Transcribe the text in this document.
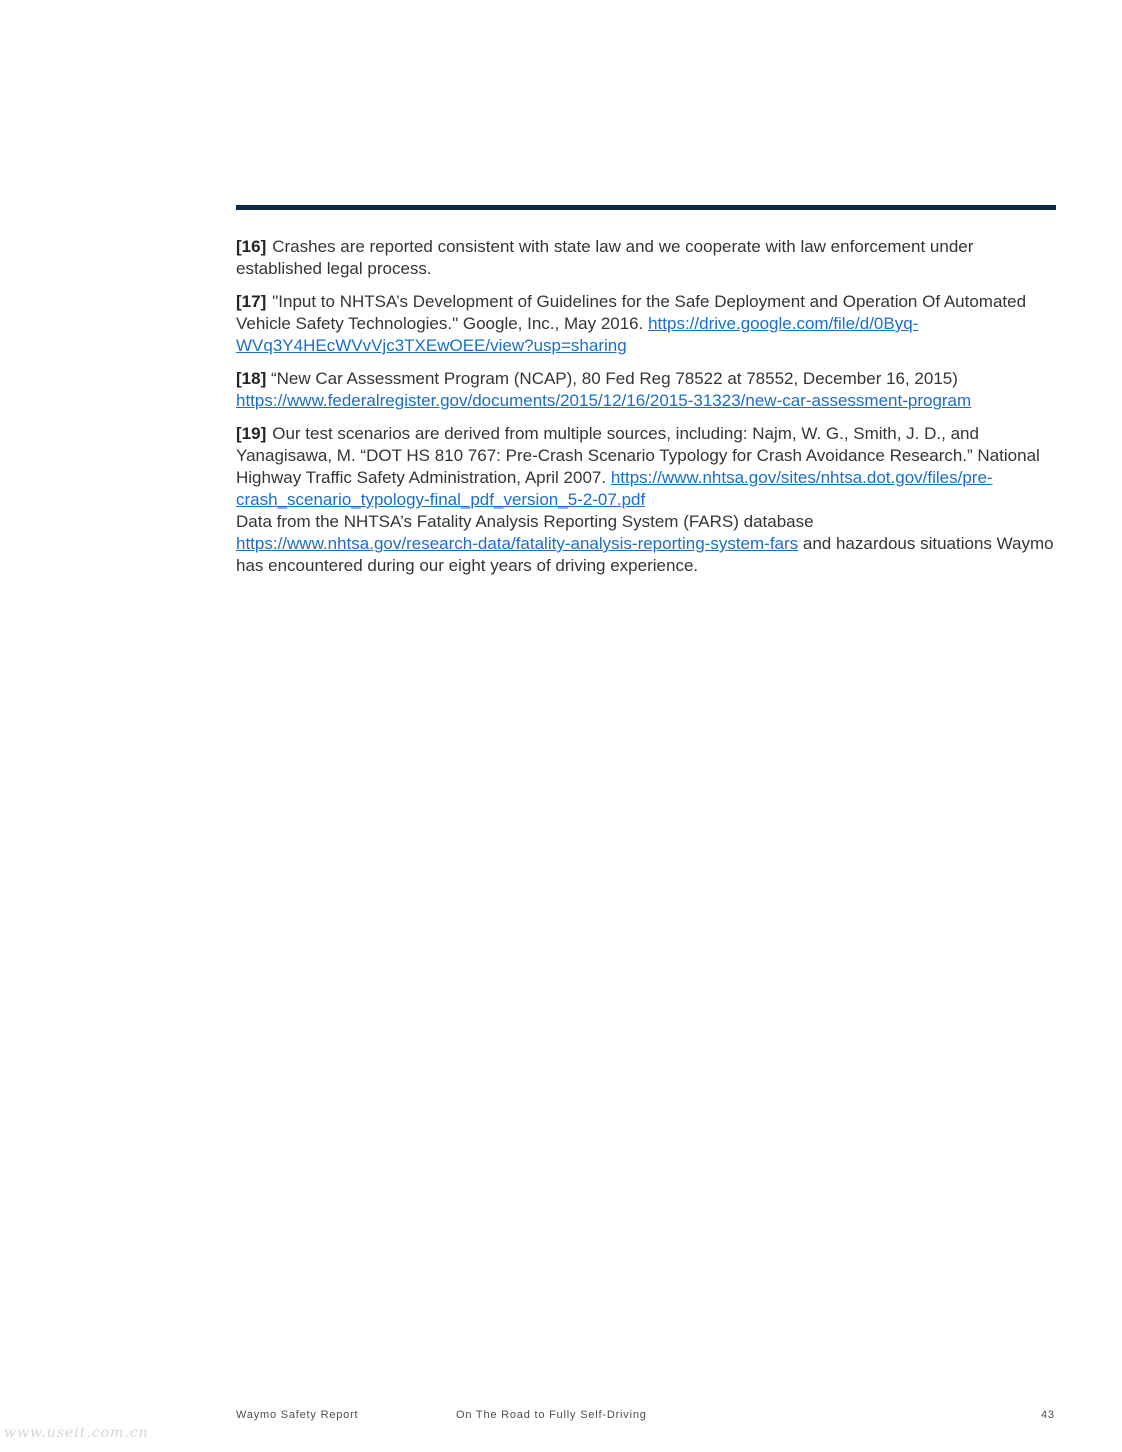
[16] Crashes are reported consistent with state law and we cooperate with law enforcement under established legal process.

[17] "Input to NHTSA’s Development of Guidelines for the Safe Deployment and Operation Of Automated Vehicle Safety Technologies." Google, Inc., May 2016. https://drive.google.com/file/d/0Byq-WVq3Y4HEcWVvVjc3TXEwOEE/view?usp=sharing

[18] “New Car Assessment Program (NCAP), 80 Fed Reg 78522 at 78552, December 16, 2015)
https://www.federalregister.gov/documents/2015/12/16/2015-31323/new-car-assessment-program

[19] Our test scenarios are derived from multiple sources, including: Najm, W. G., Smith, J. D., and Yanagisawa, M. “DOT HS 810 767: Pre-Crash Scenario Typology for Crash Avoidance Research.” National Highway Traffic Safety Administration, April 2007. https://www.nhtsa.gov/sites/nhtsa.dot.gov/files/pre-crash_scenario_typology-final_pdf_version_5-2-07.pdf
Data from the NHTSA’s Fatality Analysis Reporting System (FARS) database https://www.nhtsa.gov/research-data/fatality-analysis-reporting-system-fars and hazardous situations Waymo has encountered during our eight years of driving experience.

Waymo Safety Report	On The Road to Fully Self-Driving	43
www.useit.com.cn
